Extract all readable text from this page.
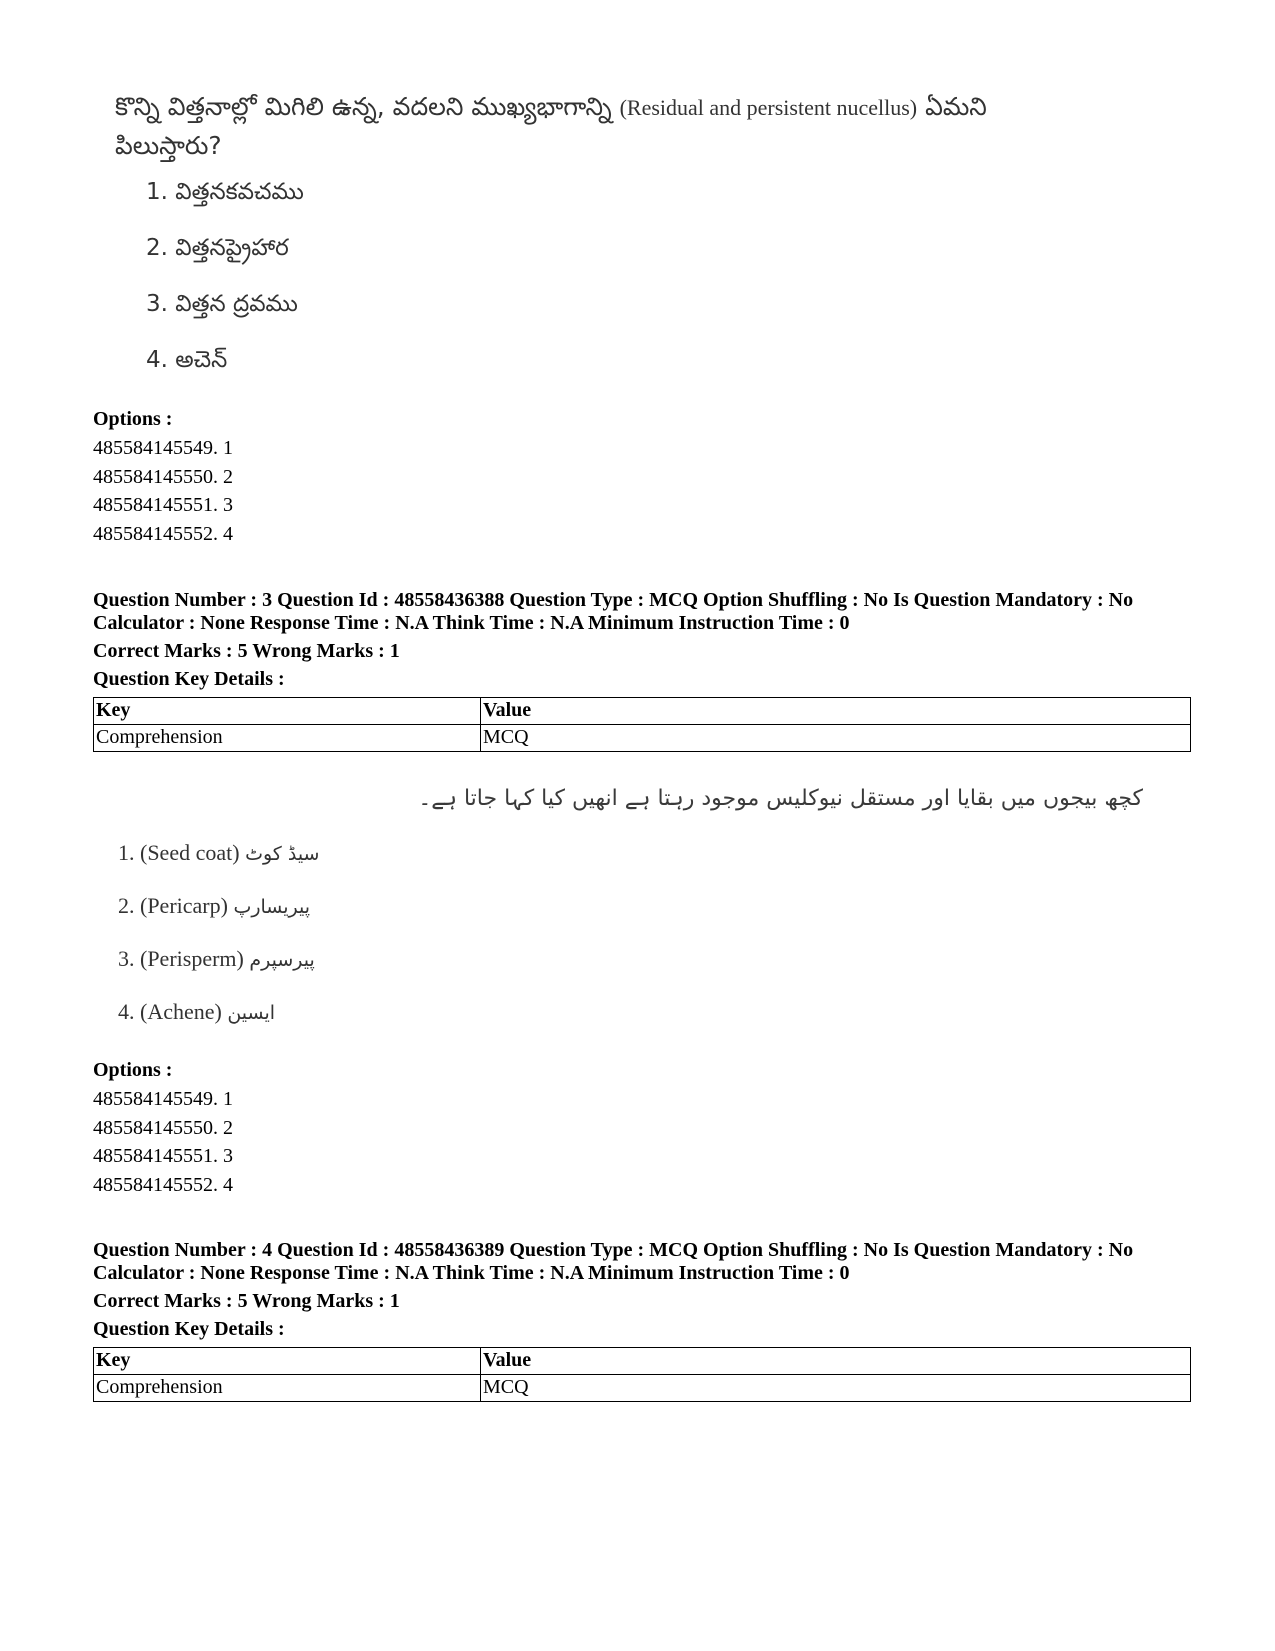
కొన్ని విత్తనాల్లో మిగిలి ఉన్న, వదలని ముఖ్యభాగాన్ని (Residual and persistent nucellus) ఏమని
పిలుస్తారు?
1. విత్తనకవచము
2. విత్తనప్రైహార
3. విత్తన ద్రవము
4. అచెన్
Options :
485584145549. 1
485584145550. 2
485584145551. 3
485584145552. 4
Question Number : 3 Question Id : 48558436388 Question Type : MCQ Option Shuffling : No Is Question Mandatory : No
Calculator : None Response Time : N.A Think Time : N.A Minimum Instruction Time : 0
Correct Marks : 5 Wrong Marks : 1
Question Key Details :
Key	Value
Comprehension	MCQ
کچھ بیجوں میں بقایا اور مستقل نیوکلیس موجود رہتا ہے انھیں کیا کہا جاتا ہے۔
1. (Seed coat) سیڈ کوٹ
2. (Pericarp) پیریسارپ
3. (Perisperm) پیرسپرم
4. (Achene) ایسین
Options :
485584145549. 1
485584145550. 2
485584145551. 3
485584145552. 4
Question Number : 4 Question Id : 48558436389 Question Type : MCQ Option Shuffling : No Is Question Mandatory : No
Calculator : None Response Time : N.A Think Time : N.A Minimum Instruction Time : 0
Correct Marks : 5 Wrong Marks : 1
Question Key Details :
Key	Value
Comprehension	MCQ
